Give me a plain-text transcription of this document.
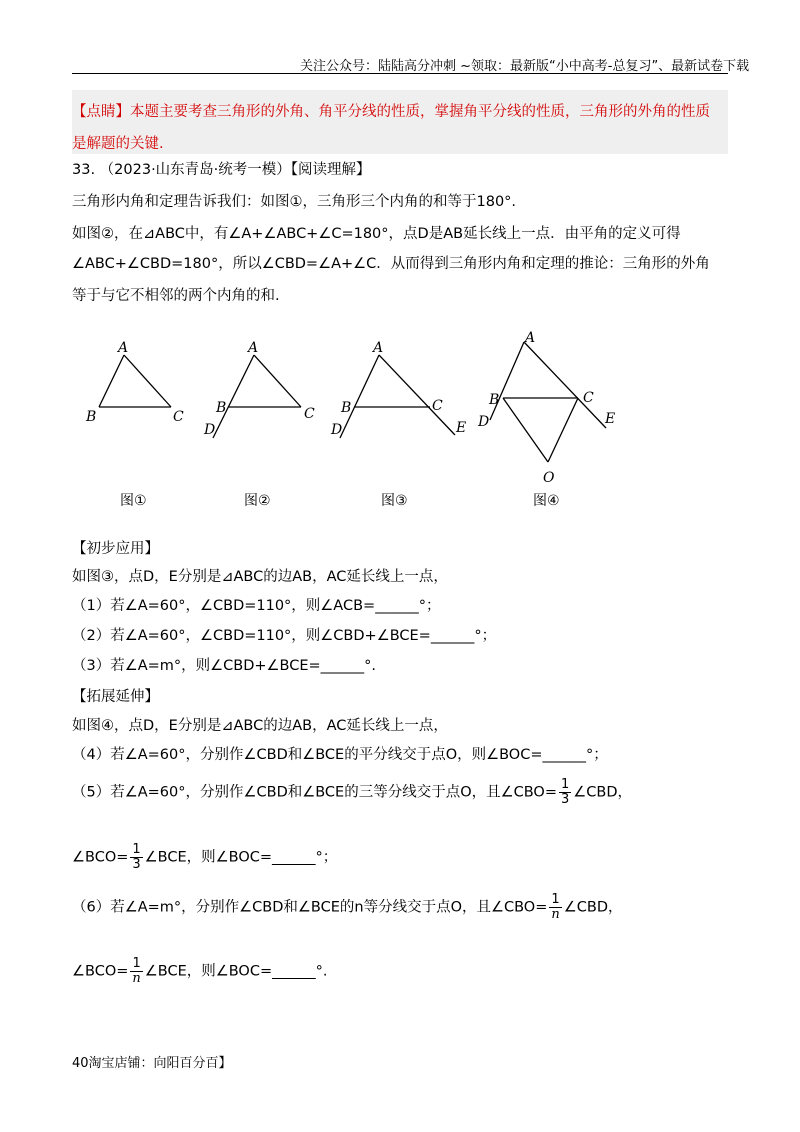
关注公众号：陆陆高分冲刺 ~领取：最新版“小中高考-总复习”、最新试卷下载
【点睛】本题主要考查三角形的外角、角平分线的性质，掌握角平分线的性质，三角形的外角的性质是解题的关键.
33. （2023·山东青岛·统考一模）【阅读理解】
三角形内角和定理告诉我们：如图①，三角形三个内角的和等于180°.
如图②，在⊿ABC中，有∠A+∠ABC+∠C=180°，点D是AB延长线上一点．由平角的定义可得
∠ABC+∠CBD=180°，所以∠CBD=∠A+∠C．从而得到三角形内角和定理的推论：三角形的外角
等于与它不相邻的两个内角的和.
A
B	C
A
B	C
D
A
B	C
D	E
A
B	C
D	E
O
图①	图②	图③	图④
【初步应用】
如图③，点D，E分别是⊿ABC的边AB，AC延长线上一点，
（1）若∠A=60°，∠CBD=110°，则∠ACB=______°；
（2）若∠A=60°，∠CBD=110°，则∠CBD+∠BCE=______°；
（3）若∠A=m°，则∠CBD+∠BCE=______°.
【拓展延伸】
如图④，点D，E分别是⊿ABC的边AB，AC延长线上一点，
（4）若∠A=60°，分别作∠CBD和∠BCE的平分线交于点O，则∠BOC=______°；
（5）若∠A=60°，分别作∠CBD和∠BCE的三等分线交于点O，且∠CBO= $\frac{1}{3}$ ∠CBD，
∠BCO= $\frac{1}{3}$ ∠BCE，则∠BOC=______°；
（6）若∠A=m°，分别作∠CBD和∠BCE的n等分线交于点O，且∠CBO= $\frac{1}{n}$ ∠CBD，
∠BCO= $\frac{1}{n}$ ∠BCE，则∠BOC=______°.
40淘宝店铺：向阳百分百】
